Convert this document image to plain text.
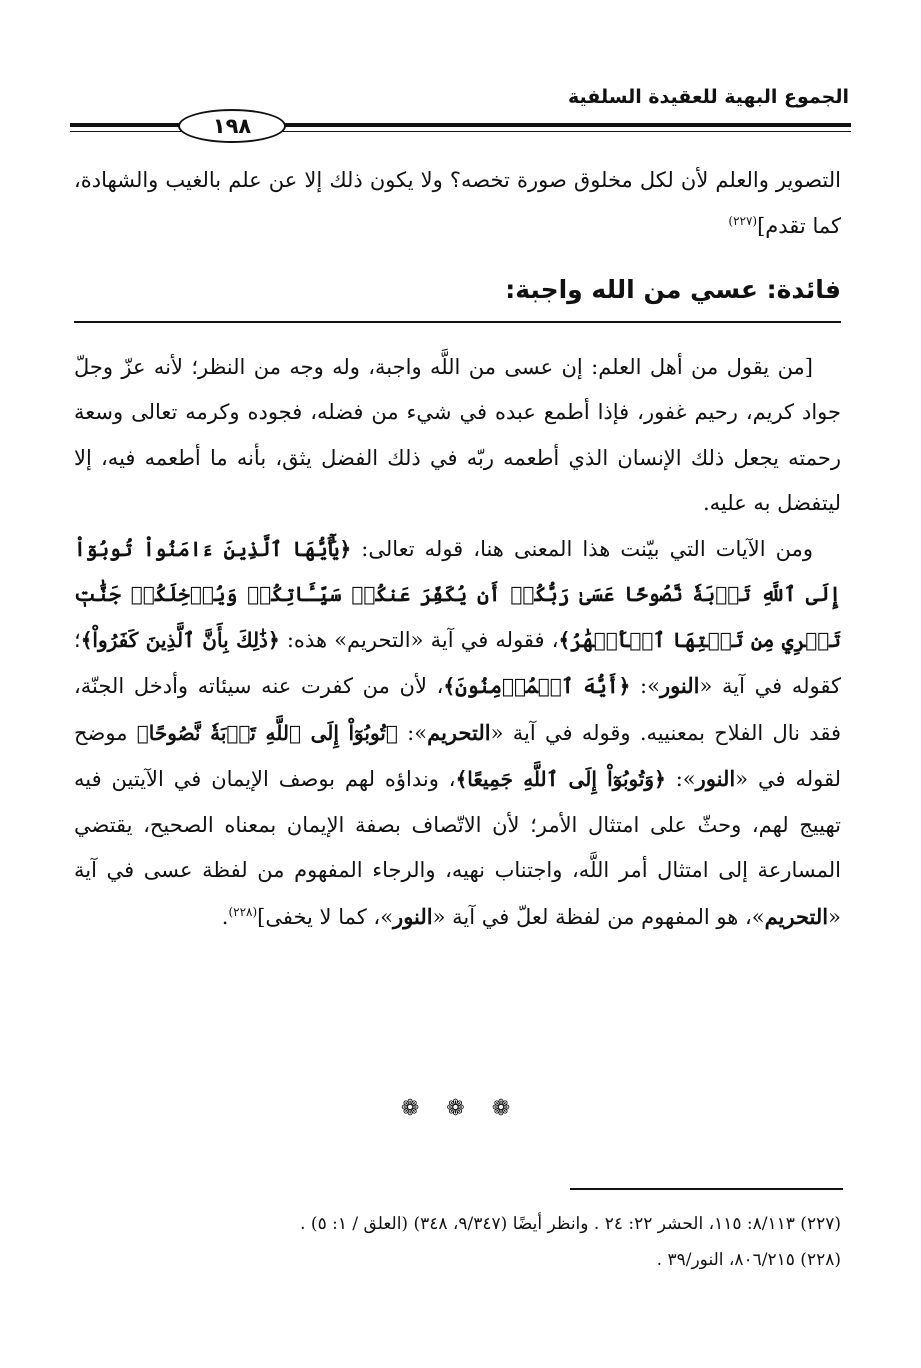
الجموع البهية للعقيدة السلفية
١٩٨

التصوير والعلم لأن لكل مخلوق صورة تخصه؟ ولا يكون ذلك إلا عن علم بالغيب والشهادة، كما تقدم]$^{(٢٢٧)}$

فائدة: عسي من الله واجبة:

[من يقول من أهل العلم: إن عسى من اللَّه واجبة، وله وجه من النظر؛ لأنه عزّ وجلّ جواد كريم، رحيم غفور، فإذا أطمع عبده في شيء من فضله، فجوده وكرمه تعالى وسعة رحمته يجعل ذلك الإنسان الذي أطعمه ربّه في ذلك الفضل يثق، بأنه ما أطعمه فيه، إلا ليتفضل به عليه.

ومن الآيات التي بيّنت هذا المعنى هنا، قوله تعالى: ﴿يَٰٓأَيُّهَا ٱلَّذِينَ ءَامَنُواْ تُوبُوٓاْ إِلَى ٱللَّهِ تَوۡبَةٗ نَّصُوحًا عَسَىٰ رَبُّكُمۡ أَن يُكَفِّرَ عَنكُمۡ سَيِّـَٔاتِكُمۡ وَيُدۡخِلَكُمۡ جَنَّٰتٖ تَجۡرِي مِن تَحۡتِهَا ٱلۡأَنۡهَٰرُ﴾، فقوله في آية «التحريم» هذه: ﴿ذَٰلِكَ بِأَنَّ ٱلَّذِينَ كَفَرُواْ﴾؛ كقوله في آية «النور»: ﴿أَيُّهَ ٱلۡمُؤۡمِنُونَ﴾، لأن من كفرت عنه سيئاته وأدخل الجنّة، فقد نال الفلاح بمعنييه. وقوله في آية «التحريم»: ﴿تُوبُوٓاْ إِلَى ٱللَّهِ تَوۡبَةٗ نَّصُوحًا﴾ موضح لقوله في «النور»: ﴿وَتُوبُوٓاْ إِلَى ٱللَّهِ جَمِيعًا﴾، ونداؤه لهم بوصف الإيمان في الآيتين فيه تهييج لهم، وحثّ على امتثال الأمر؛ لأن الاتّصاف بصفة الإيمان بمعناه الصحيح، يقتضي المسارعة إلى امتثال أمر اللَّه، واجتناب نهيه، والرجاء المفهوم من لفظة عسى في آية «التحريم»، هو المفهوم من لفظة لعلّ في آية «النور»، كما لا يخفى]$^{(٢٢٨)}$.

❁ ❁ ❁

(٢٢٧) ٨/١١٣: ١١٥، الحشر ٢٢: ٢٤ . وانظر أيضًا (٩/٣٤٧، ٣٤٨) (العلق / ١: ٥) .

(٢٢٨) ٨٠٦/٢١٥، النور/٣٩ .
